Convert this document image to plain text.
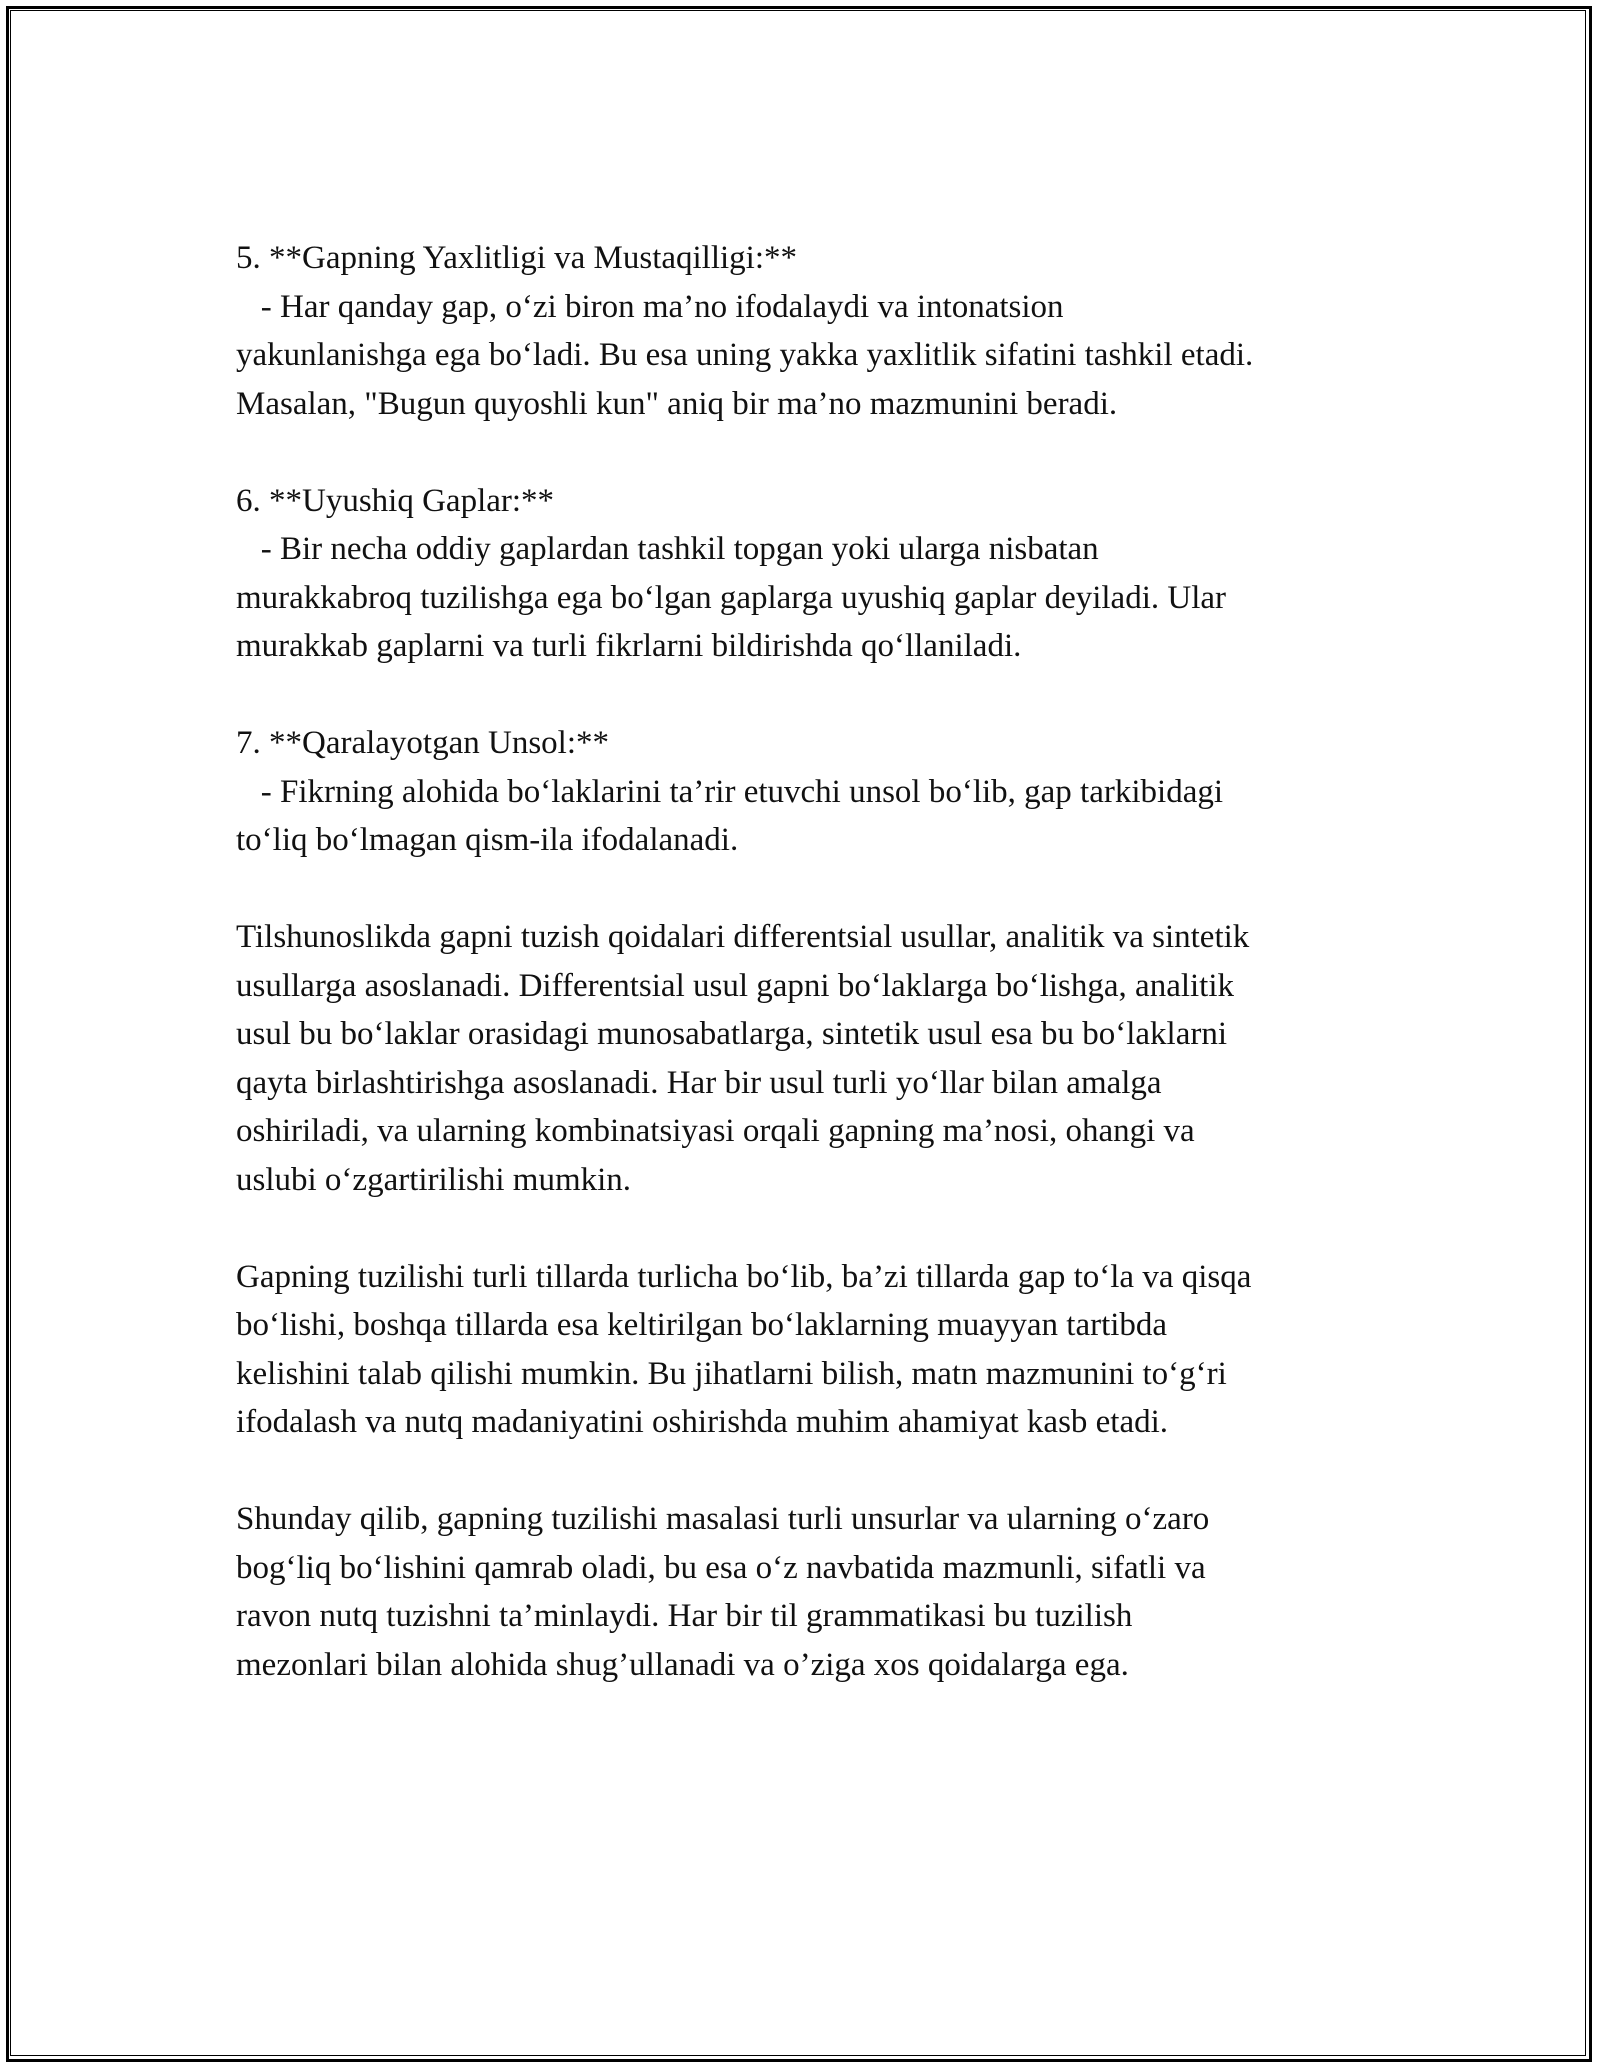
5. **Gapning Yaxlitligi va Mustaqilligi:**

- Har qanday gap, o‘zi biron ma’no ifodalaydi va intonatsion

yakunlanishga ega bo‘ladi. Bu esa uning yakka yaxlitlik sifatini tashkil etadi.

Masalan, "Bugun quyoshli kun" aniq bir ma’no mazmunini beradi.

6. **Uyushiq Gaplar:**

- Bir necha oddiy gaplardan tashkil topgan yoki ularga nisbatan

murakkabroq tuzilishga ega bo‘lgan gaplarga uyushiq gaplar deyiladi. Ular

murakkab gaplarni va turli fikrlarni bildirishda qo‘llaniladi.

7. **Qaralayotgan Unsol:**

- Fikrning alohida bo‘laklarini ta’rir etuvchi unsol bo‘lib, gap tarkibidagi

to‘liq bo‘lmagan qism-ila ifodalanadi.

Tilshunoslikda gapni tuzish qoidalari differentsial usullar, analitik va sintetik

usullarga asoslanadi. Differentsial usul gapni bo‘laklarga bo‘lishga, analitik

usul bu bo‘laklar orasidagi munosabatlarga, sintetik usul esa bu bo‘laklarni

qayta birlashtirishga asoslanadi. Har bir usul turli yo‘llar bilan amalga

oshiriladi, va ularning kombinatsiyasi orqali gapning ma’nosi, ohangi va

uslubi o‘zgartirilishi mumkin.

Gapning tuzilishi turli tillarda turlicha bo‘lib, ba’zi tillarda gap to‘la va qisqa

bo‘lishi, boshqa tillarda esa keltirilgan bo‘laklarning muayyan tartibda

kelishini talab qilishi mumkin. Bu jihatlarni bilish, matn mazmunini to‘g‘ri

ifodalash va nutq madaniyatini oshirishda muhim ahamiyat kasb etadi.

Shunday qilib, gapning tuzilishi masalasi turli unsurlar va ularning o‘zaro

bog‘liq bo‘lishini qamrab oladi, bu esa o‘z navbatida mazmunli, sifatli va

ravon nutq tuzishni ta’minlaydi. Har bir til grammatikasi bu tuzilish

mezonlari bilan alohida shug’ullanadi va o’ziga xos qoidalarga ega.
